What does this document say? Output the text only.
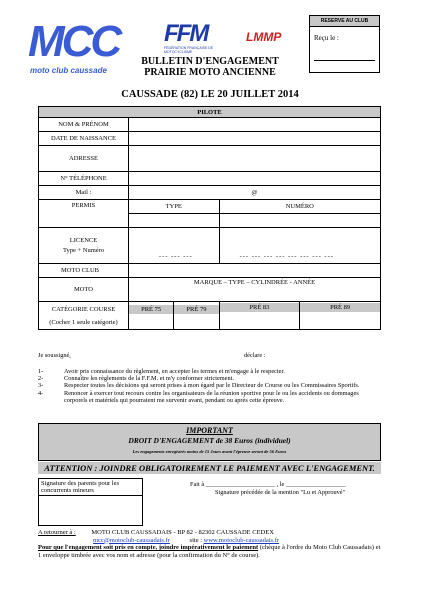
MCC
moto club caussade
FFM
FÉDÉRATION FRANÇAISE DE MOTOCYCLISME
LMMP
RESERVE AU CLUB
Reçu le :
BULLETIN D'ENGAGEMENT
PRAIRIE MOTO ANCIENNE
CAUSSADE (82) LE 20 JUILLET 2014
PILOTE				
NOM & PRÉNOM				
DATE DE NAISSANCE				
ADRESSE				
N° TÉLÉPHONE				
Mail :	@			
PERMIS	TYPE		NUMÉRO	

LICENCE
Type + Numéro	--- --- ---		--- --- --- --- --- --- --- ---	
MOTO CLUB				
MOTO	MARQUE – TYPE – CYLINDRÉE - ANNÉE			

CATÉGORIE COURSE
(Cocher 1 seule catégorie)	PRÉ 75	PRÉ 79	PRÉ 83	PRÉ 89
Je soussigné,	déclare :
1-	Avoir pris connaissance du règlement, en accepter les termes et m'engage à le respecter.
2-	Connaître les règlements de la F.F.M. et m'y conformer strictement.
3-	Respecter toutes les décisions qui seront prises à mon égard par le Directeur de Course ou les Commissaires Sportifs.
4-	Renoncer à exercer tout recours contre les organisateurs de la réunion sportive pour le ou les accidents ou dommages corporels et matériels qui pourraient me survenir avant, pendant ou après cette épreuve.
IMPORTANT
DROIT D'ENGAGEMENT de 38 Euros (individuel)
Les engagements enregistrés moins de 15 Jours avant l'épreuve seront de 56 Euros
ATTENTION : JOINDRE OBLIGATOIREMENT LE PAIEMENT AVEC L'ENGAGEMENT.
Signature des parents pour les concurrents mineurs
Fait à ______________________ , le ___________________
Signature précédée de la mention "Lu et Approuvé"
A retourner à : MOTO CLUB CAUSSADAIS - BP 82 - 82302 CAUSSADE CEDEX
mcc@motoclub-caussadais.fr	site : www.motoclub-caussadais.fr
Pour que l'engagement soit pris en compte, joindre impérativement le paiement (chèque à l'ordre du Moto Club Caussadais) et 1 enveloppe timbrée avec vos nom et adresse (pour la confirmation du N° de course).
